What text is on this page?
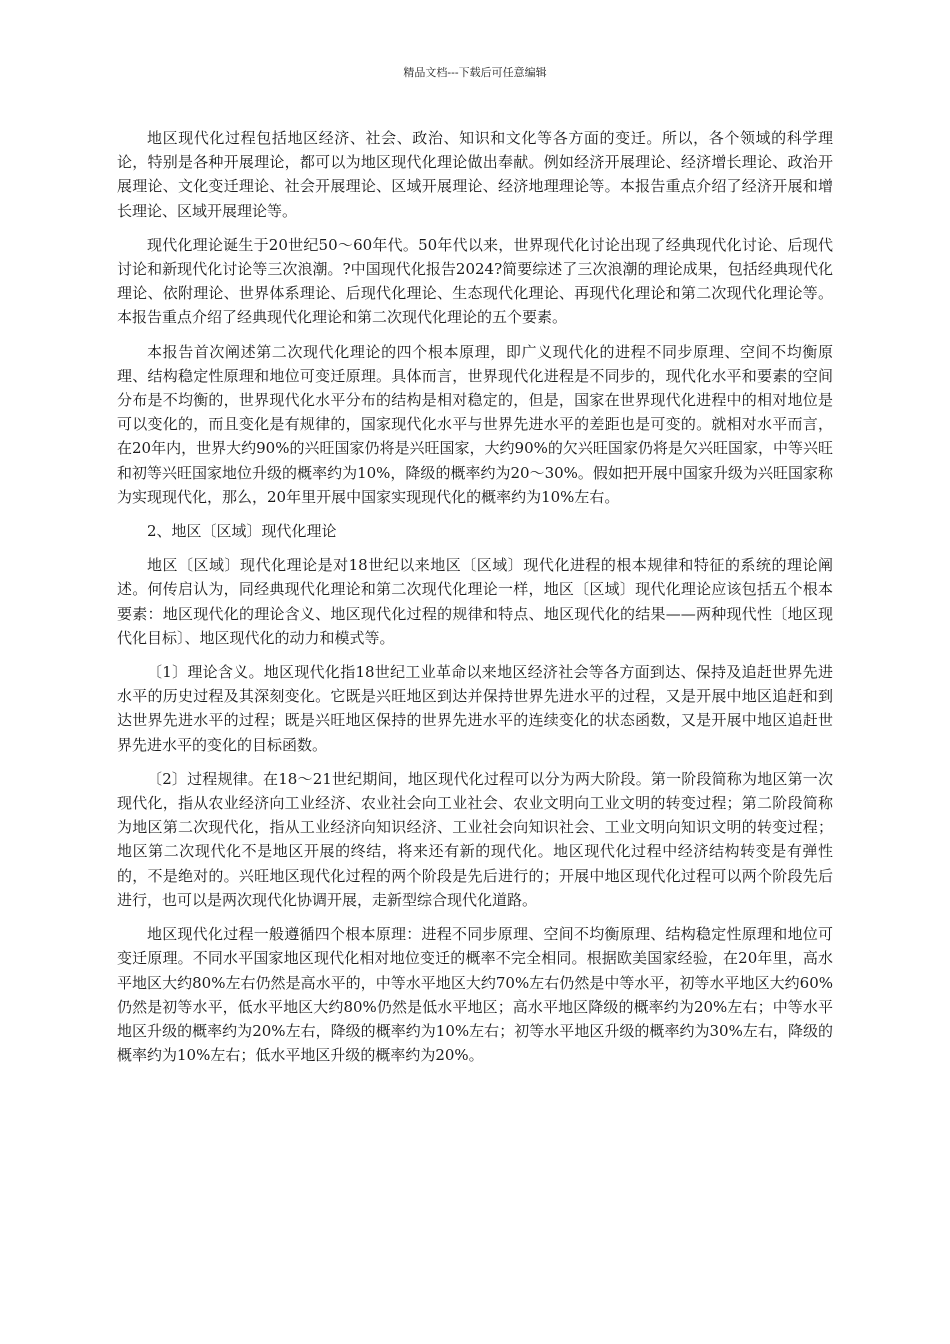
精品文档---下载后可任意编辑

地区现代化过程包括地区经济、社会、政治、知识和文化等各方面的变迁。所以，各个领域的科学理论，特别是各种开展理论，都可以为地区现代化理论做出奉献。例如经济开展理论、经济增长理论、政治开展理论、文化变迁理论、社会开展理论、区域开展理论、经济地理理论等。本报告重点介绍了经济开展和增长理论、区域开展理论等。

现代化理论诞生于20世纪50～60年代。50年代以来，世界现代化讨论出现了经典现代化讨论、后现代讨论和新现代化讨论等三次浪潮。?中国现代化报告2024?简要综述了三次浪潮的理论成果，包括经典现代化理论、依附理论、世界体系理论、后现代化理论、生态现代化理论、再现代化理论和第二次现代化理论等。本报告重点介绍了经典现代化理论和第二次现代化理论的五个要素。

本报告首次阐述第二次现代化理论的四个根本原理，即广义现代化的进程不同步原理、空间不均衡原理、结构稳定性原理和地位可变迁原理。具体而言，世界现代化进程是不同步的，现代化水平和要素的空间分布是不均衡的，世界现代化水平分布的结构是相对稳定的，但是，国家在世界现代化进程中的相对地位是可以变化的，而且变化是有规律的，国家现代化水平与世界先进水平的差距也是可变的。就相对水平而言，在20年内，世界大约90%的兴旺国家仍将是兴旺国家，大约90%的欠兴旺国家仍将是欠兴旺国家，中等兴旺和初等兴旺国家地位升级的概率约为10%，降级的概率约为20～30%。假如把开展中国家升级为兴旺国家称为实现现代化，那么，20年里开展中国家实现现代化的概率约为10%左右。

2、地区〔区域〕现代化理论

地区〔区域〕现代化理论是对18世纪以来地区〔区域〕现代化进程的根本规律和特征的系统的理论阐述。何传启认为，同经典现代化理论和第二次现代化理论一样，地区〔区域〕现代化理论应该包括五个根本要素：地区现代化的理论含义、地区现代化过程的规律和特点、地区现代化的结果——两种现代性〔地区现代化目标〕、地区现代化的动力和模式等。

〔1〕理论含义。地区现代化指18世纪工业革命以来地区经济社会等各方面到达、保持及追赶世界先进水平的历史过程及其深刻变化。它既是兴旺地区到达并保持世界先进水平的过程，又是开展中地区追赶和到达世界先进水平的过程；既是兴旺地区保持的世界先进水平的连续变化的状态函数，又是开展中地区追赶世界先进水平的变化的目标函数。

〔2〕过程规律。在18～21世纪期间，地区现代化过程可以分为两大阶段。第一阶段简称为地区第一次现代化，指从农业经济向工业经济、农业社会向工业社会、农业文明向工业文明的转变过程；第二阶段简称为地区第二次现代化，指从工业经济向知识经济、工业社会向知识社会、工业文明向知识文明的转变过程；地区第二次现代化不是地区开展的终结，将来还有新的现代化。地区现代化过程中经济结构转变是有弹性的，不是绝对的。兴旺地区现代化过程的两个阶段是先后进行的；开展中地区现代化过程可以两个阶段先后进行，也可以是两次现代化协调开展，走新型综合现代化道路。

地区现代化过程一般遵循四个根本原理：进程不同步原理、空间不均衡原理、结构稳定性原理和地位可变迁原理。不同水平国家地区现代化相对地位变迁的概率不完全相同。根据欧美国家经验，在20年里，高水平地区大约80%左右仍然是高水平的，中等水平地区大约70%左右仍然是中等水平，初等水平地区大约60%仍然是初等水平，低水平地区大约80%仍然是低水平地区；高水平地区降级的概率约为20%左右；中等水平地区升级的概率约为20%左右，降级的概率约为10%左右；初等水平地区升级的概率约为30%左右，降级的概率约为10%左右；低水平地区升级的概率约为20%。
